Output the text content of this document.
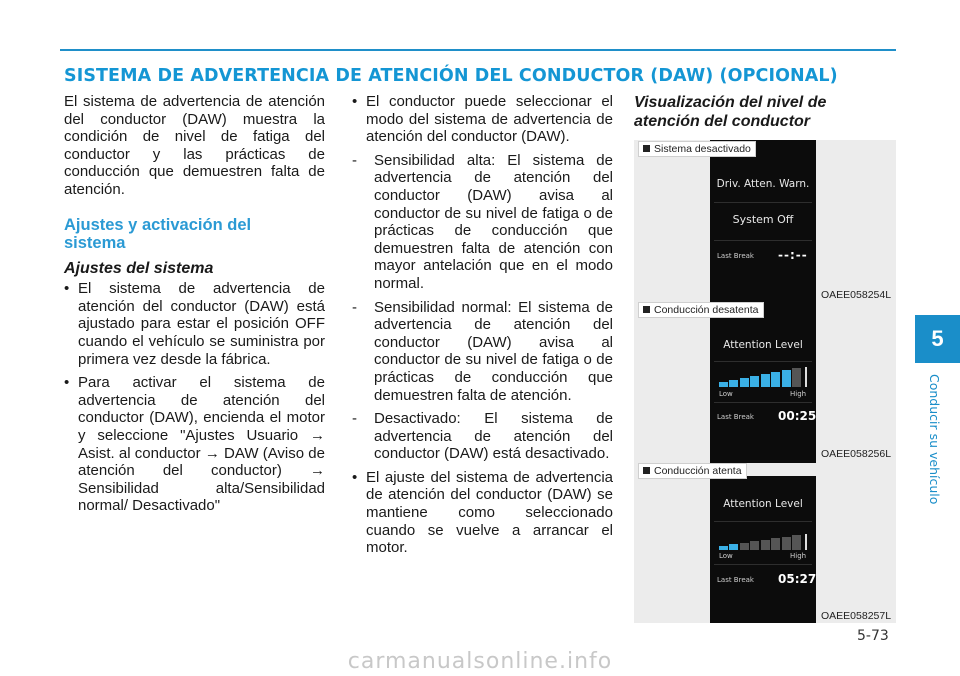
SISTEMA DE ADVERTENCIA DE ATENCIÓN DEL CONDUCTOR (DAW) (OPCIONAL)

El sistema de advertencia de atención del conductor (DAW) muestra la condición de nivel de fatiga del conductor y las prácticas de conducción que demuestren falta de atención.

Ajustes y activación del
sistema

Ajustes del sistema

• El sistema de advertencia de atención del conductor (DAW) está ajustado para estar el posición OFF cuando el vehículo se suministra por primera vez desde la fábrica.

• Para activar el sistema de advertencia de atención del conductor (DAW), encienda el motor y seleccione "Ajustes Usuario → Asist. al conductor → DAW (Aviso de atención del conductor) → Sensibilidad alta/Sensibilidad normal/ Desactivado"

• El conductor puede seleccionar el modo del sistema de advertencia de atención del conductor (DAW).

- Sensibilidad alta: El sistema de advertencia de atención del conductor (DAW) avisa al conductor de su nivel de fatiga o de prácticas de conducción que demuestren falta de atención con mayor antelación que en el modo normal.

- Sensibilidad normal: El sistema de advertencia de atención del conductor (DAW) avisa al conductor de su nivel de fatiga o de prácticas de conducción que demuestren falta de atención.

- Desactivado: El sistema de advertencia de atención del conductor (DAW) está desactivado.

• El ajuste del sistema de advertencia de atención del conductor (DAW) se mantiene como seleccionado cuando se vuelve a arrancar el motor.

Visualización del nivel de
atención del conductor
Driv. Atten. Warn.
System Off
Last Break --:--
Sistema desactivado
OAEE058254L
Attention Level
Low	High
Last Break 00:25
Conducción desatenta
OAEE058256L
Attention Level
Low	High
Last Break 05:27
Conducción atenta
OAEE058257L
5
Conducir su vehículo
5-73
carmanualsonline.info
